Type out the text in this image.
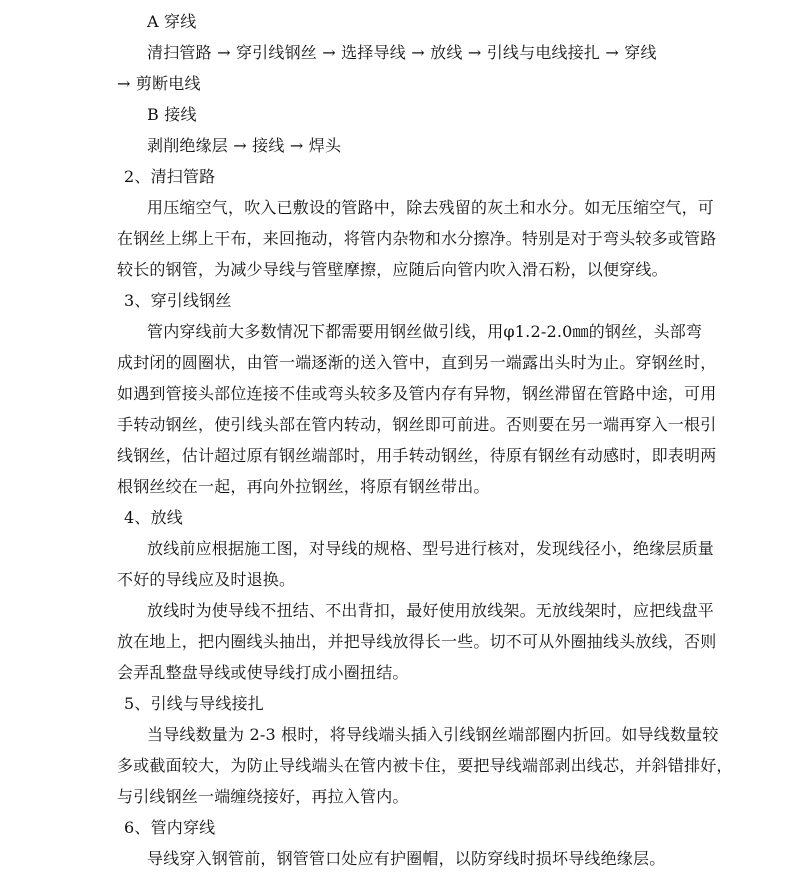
A 穿线
清扫管路 → 穿引线钢丝 → 选择导线 → 放线 → 引线与电线接扎 → 穿线
→ 剪断电线
B 接线
剥削绝缘层 → 接线 → 焊头
2、清扫管路
用压缩空气，吹入已敷设的管路中，除去残留的灰土和水分。如无压缩空气，可
在钢丝上绑上干布，来回拖动，将管内杂物和水分擦净。特别是对于弯头较多或管路
较长的钢管，为减少导线与管壁摩擦，应随后向管内吹入滑石粉，以便穿线。
3、穿引线钢丝
管内穿线前大多数情况下都需要用钢丝做引线，用φ1.2-2.0㎜的钢丝，头部弯
成封闭的圆圈状，由管一端逐渐的送入管中，直到另一端露出头时为止。穿钢丝时，
如遇到管接头部位连接不佳或弯头较多及管内存有异物，钢丝滞留在管路中途，可用
手转动钢丝，使引线头部在管内转动，钢丝即可前进。否则要在另一端再穿入一根引
线钢丝，估计超过原有钢丝端部时，用手转动钢丝，待原有钢丝有动感时，即表明两
根钢丝绞在一起，再向外拉钢丝，将原有钢丝带出。
4、放线
放线前应根据施工图，对导线的规格、型号进行核对，发现线径小，绝缘层质量
不好的导线应及时退换。
放线时为使导线不扭结、不出背扣，最好使用放线架。无放线架时，应把线盘平
放在地上，把内圈线头抽出，并把导线放得长一些。切不可从外圈抽线头放线，否则
会弄乱整盘导线或使导线打成小圈扭结。
5、引线与导线接扎
当导线数量为 2-3 根时，将导线端头插入引线钢丝端部圈内折回。如导线数量较
多或截面较大，为防止导线端头在管内被卡住，要把导线端部剥出线芯，并斜错排好，
与引线钢丝一端缠绕接好，再拉入管内。
6、管内穿线
导线穿入钢管前，钢管管口处应有护圈帽，以防穿线时损坏导线绝缘层。
